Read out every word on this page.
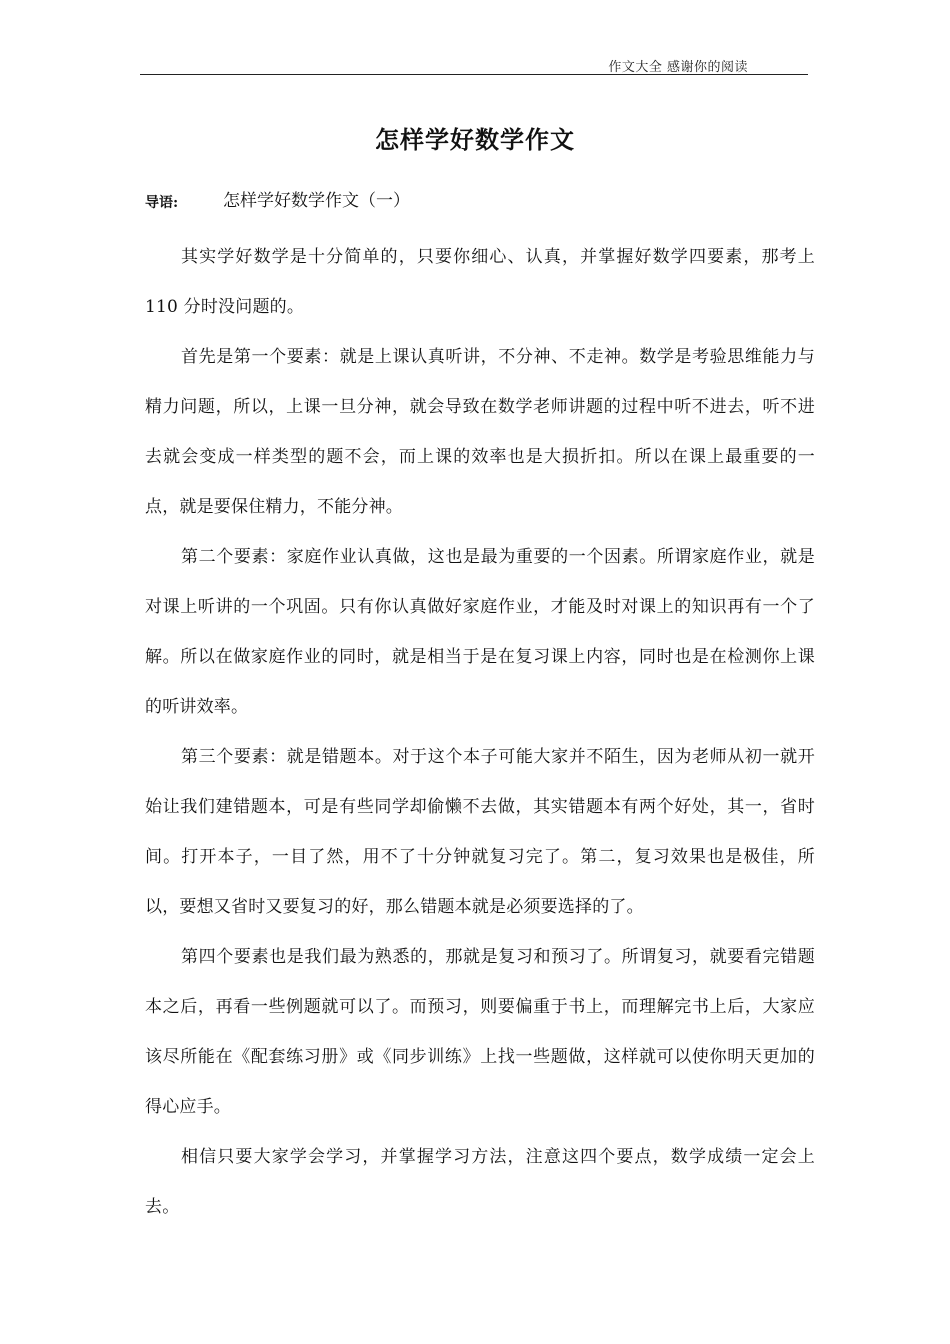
作文大全 感谢你的阅读
怎样学好数学作文
导语:	怎样学好数学作文（一）

其实学好数学是十分简单的，只要你细心、认真，并掌握好数学四要素，那考上 110 分时没问题的。

首先是第一个要素：就是上课认真听讲，不分神、不走神。数学是考验思维能力与精力问题，所以，上课一旦分神，就会导致在数学老师讲题的过程中听不进去，听不进去就会变成一样类型的题不会，而上课的效率也是大损折扣。所以在课上最重要的一点，就是要保住精力，不能分神。

第二个要素：家庭作业认真做，这也是最为重要的一个因素。所谓家庭作业，就是对课上听讲的一个巩固。只有你认真做好家庭作业，才能及时对课上的知识再有一个了解。所以在做家庭作业的同时，就是相当于是在复习课上内容，同时也是在检测你上课的听讲效率。

第三个要素：就是错题本。对于这个本子可能大家并不陌生，因为老师从初一就开始让我们建错题本，可是有些同学却偷懒不去做，其实错题本有两个好处，其一，省时间。打开本子，一目了然，用不了十分钟就复习完了。第二，复习效果也是极佳，所以，要想又省时又要复习的好，那么错题本就是必须要选择的了。

第四个要素也是我们最为熟悉的，那就是复习和预习了。所谓复习，就要看完错题本之后，再看一些例题就可以了。而预习，则要偏重于书上，而理解完书上后，大家应该尽所能在《配套练习册》或《同步训练》上找一些题做，这样就可以使你明天更加的得心应手。

相信只要大家学会学习，并掌握学习方法，注意这四个要点，数学成绩一定会上去。
